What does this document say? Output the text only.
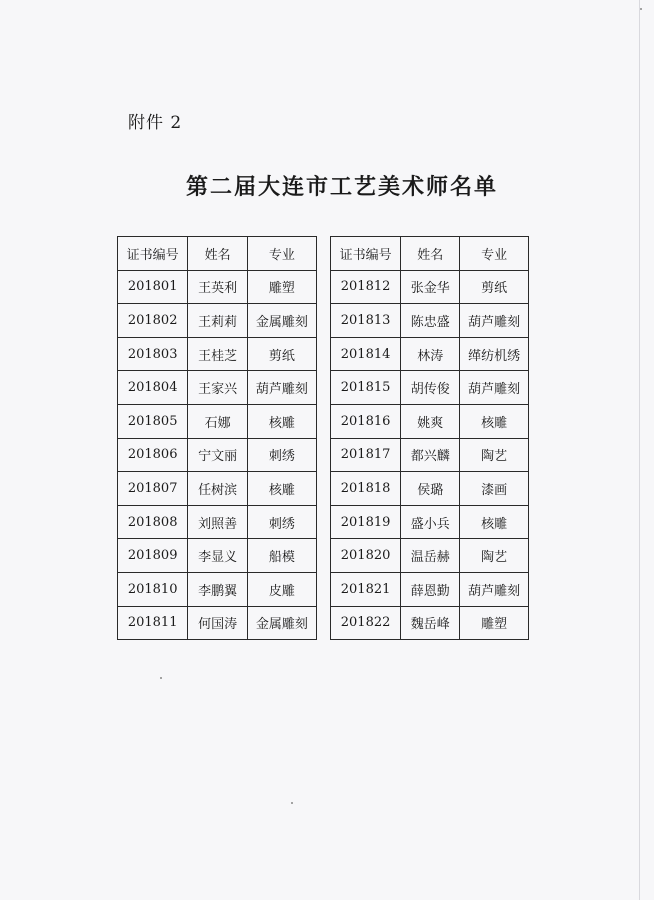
附件 2
第二届大连市工艺美术师名单
证书编号	姓名	专业
201801	王英利	雕塑
201802	王莉莉	金属雕刻
201803	王桂芝	剪纸
201804	王家兴	葫芦雕刻
201805	石娜	核雕
201806	宁文丽	刺绣
201807	任树滨	核雕
201808	刘照善	刺绣
201809	李显义	船模
201810	李鹏翼	皮雕
201811	何国涛	金属雕刻
证书编号	姓名	专业
201812	张金华	剪纸
201813	陈忠盛	葫芦雕刻
201814	林涛	缂纺机绣
201815	胡传俊	葫芦雕刻
201816	姚爽	核雕
201817	都兴麟	陶艺
201818	侯璐	漆画
201819	盛小兵	核雕
201820	温岳赫	陶艺
201821	薛恩勤	葫芦雕刻
201822	魏岳峰	雕塑
